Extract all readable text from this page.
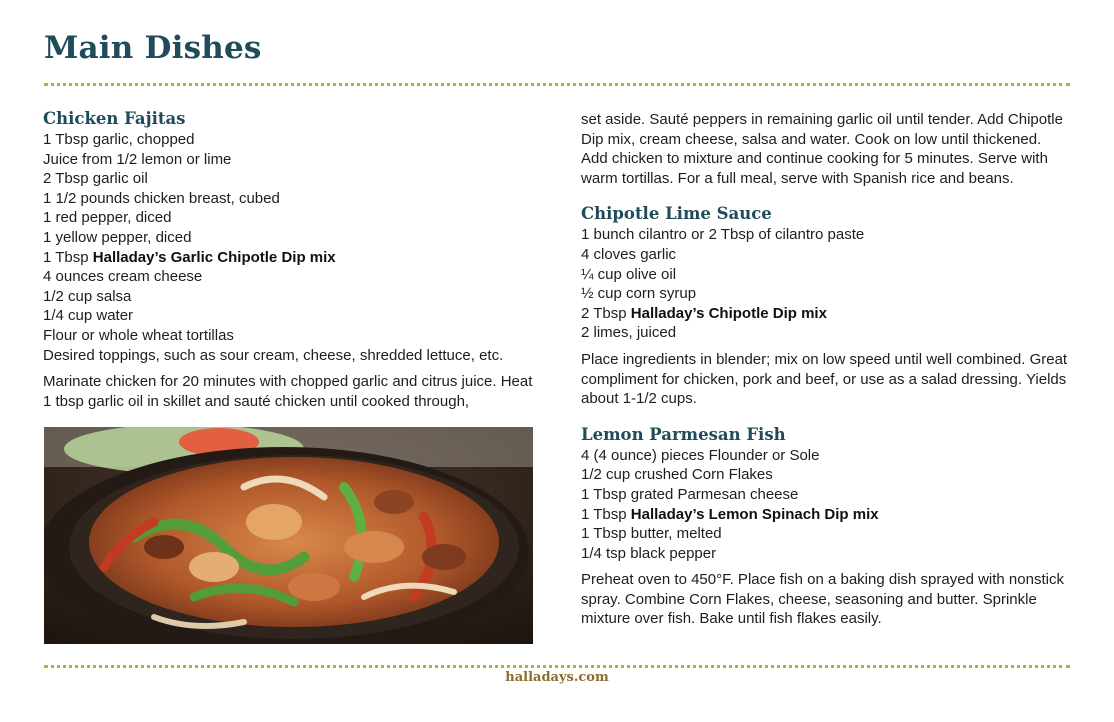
Main Dishes
Chicken Fajitas
1 Tbsp garlic, chopped
Juice from 1/2 lemon or lime
2 Tbsp garlic oil
1 1/2 pounds chicken breast, cubed
1 red pepper, diced
1 yellow pepper, diced
1 Tbsp Halladay’s Garlic Chipotle Dip mix
4 ounces cream cheese
1/2 cup salsa
1/4 cup water
Flour or whole wheat tortillas
Desired toppings, such as sour cream, cheese, shredded lettuce, etc.

Marinate chicken for 20 minutes with chopped garlic and citrus juice. Heat 1 tbsp garlic oil in skillet and sauté chicken until cooked through,

set aside. Sauté peppers in remaining garlic oil until tender. Add Chipotle Dip mix, cream cheese, salsa and water. Cook on low until thickened. Add chicken to mixture and continue cooking for 5 minutes. Serve with warm tortillas. For a full meal, serve with Spanish rice and beans.

Chipotle Lime Sauce
1 bunch cilantro or 2 Tbsp of cilantro paste
4 cloves garlic
¼ cup olive oil
½ cup corn syrup
2 Tbsp Halladay’s Chipotle Dip mix
2 limes, juiced

Place ingredients in blender; mix on low speed until well combined. Great compliment for chicken, pork and beef, or use as a salad dressing. Yields about 1-1/2 cups.

Lemon Parmesan Fish
4 (4 ounce) pieces Flounder or Sole
1/2 cup crushed Corn Flakes
1 Tbsp grated Parmesan cheese
1 Tbsp Halladay’s Lemon Spinach Dip mix
1 Tbsp butter, melted
1/4 tsp black pepper

Preheat oven to 450°F. Place fish on a baking dish sprayed with nonstick spray. Combine Corn Flakes, cheese, seasoning and butter. Sprinkle mixture over fish. Bake until fish flakes easily.

halladays.com
